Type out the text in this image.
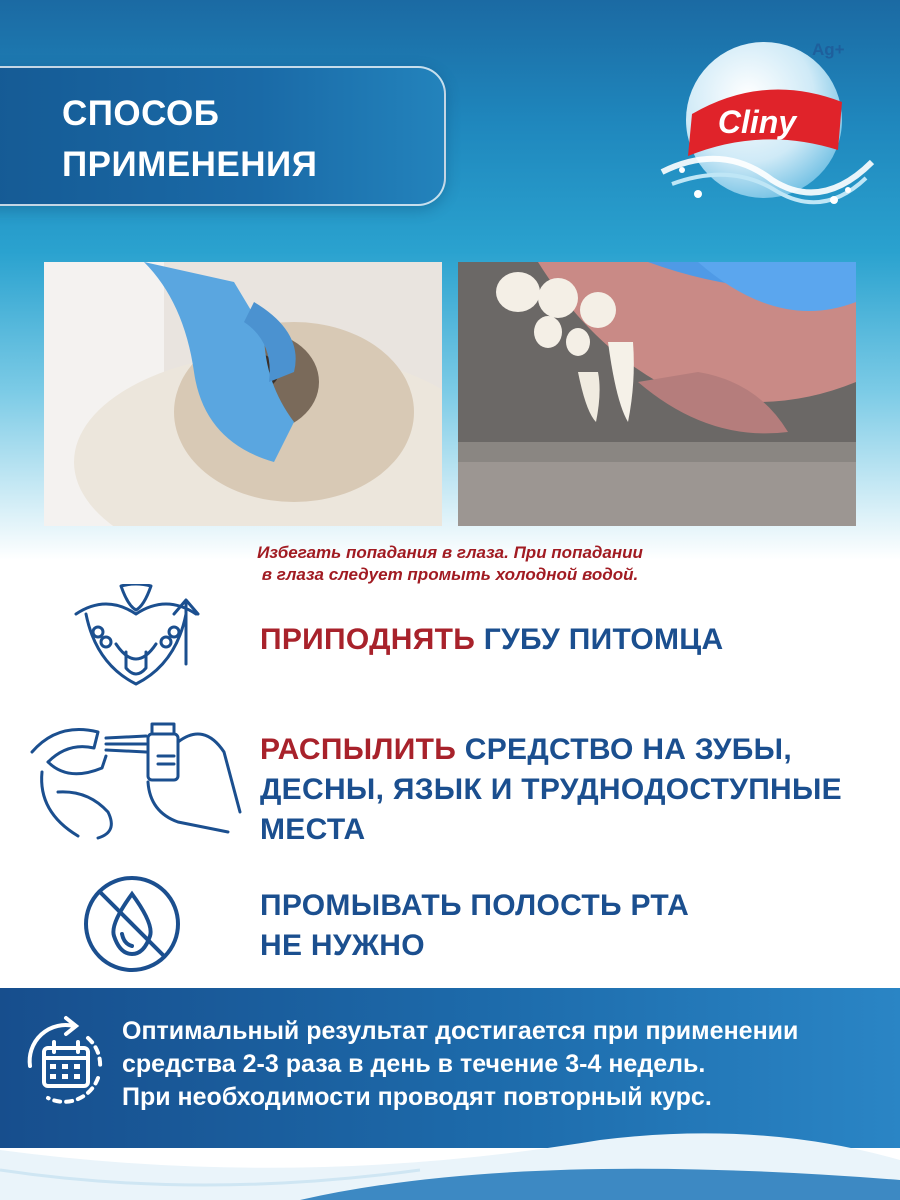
СПОСОБ
ПРИМЕНЕНИЯ
Ag+
Cliny
Избегать попадания в глаза. При попадании
в глаза следует промыть холодной водой.
ПРИПОДНЯТЬ ГУБУ ПИТОМЦА
РАСПЫЛИТЬ СРЕДСТВО НА ЗУБЫ,
ДЕСНЫ, ЯЗЫК И ТРУДНОДОСТУПНЫЕ
МЕСТА
ПРОМЫВАТЬ ПОЛОСТЬ РТА
НЕ НУЖНО
Оптимальный результат достигается при применении
средства 2-3 раза в день в течение 3-4 недель.
При необходимости проводят повторный курс.
